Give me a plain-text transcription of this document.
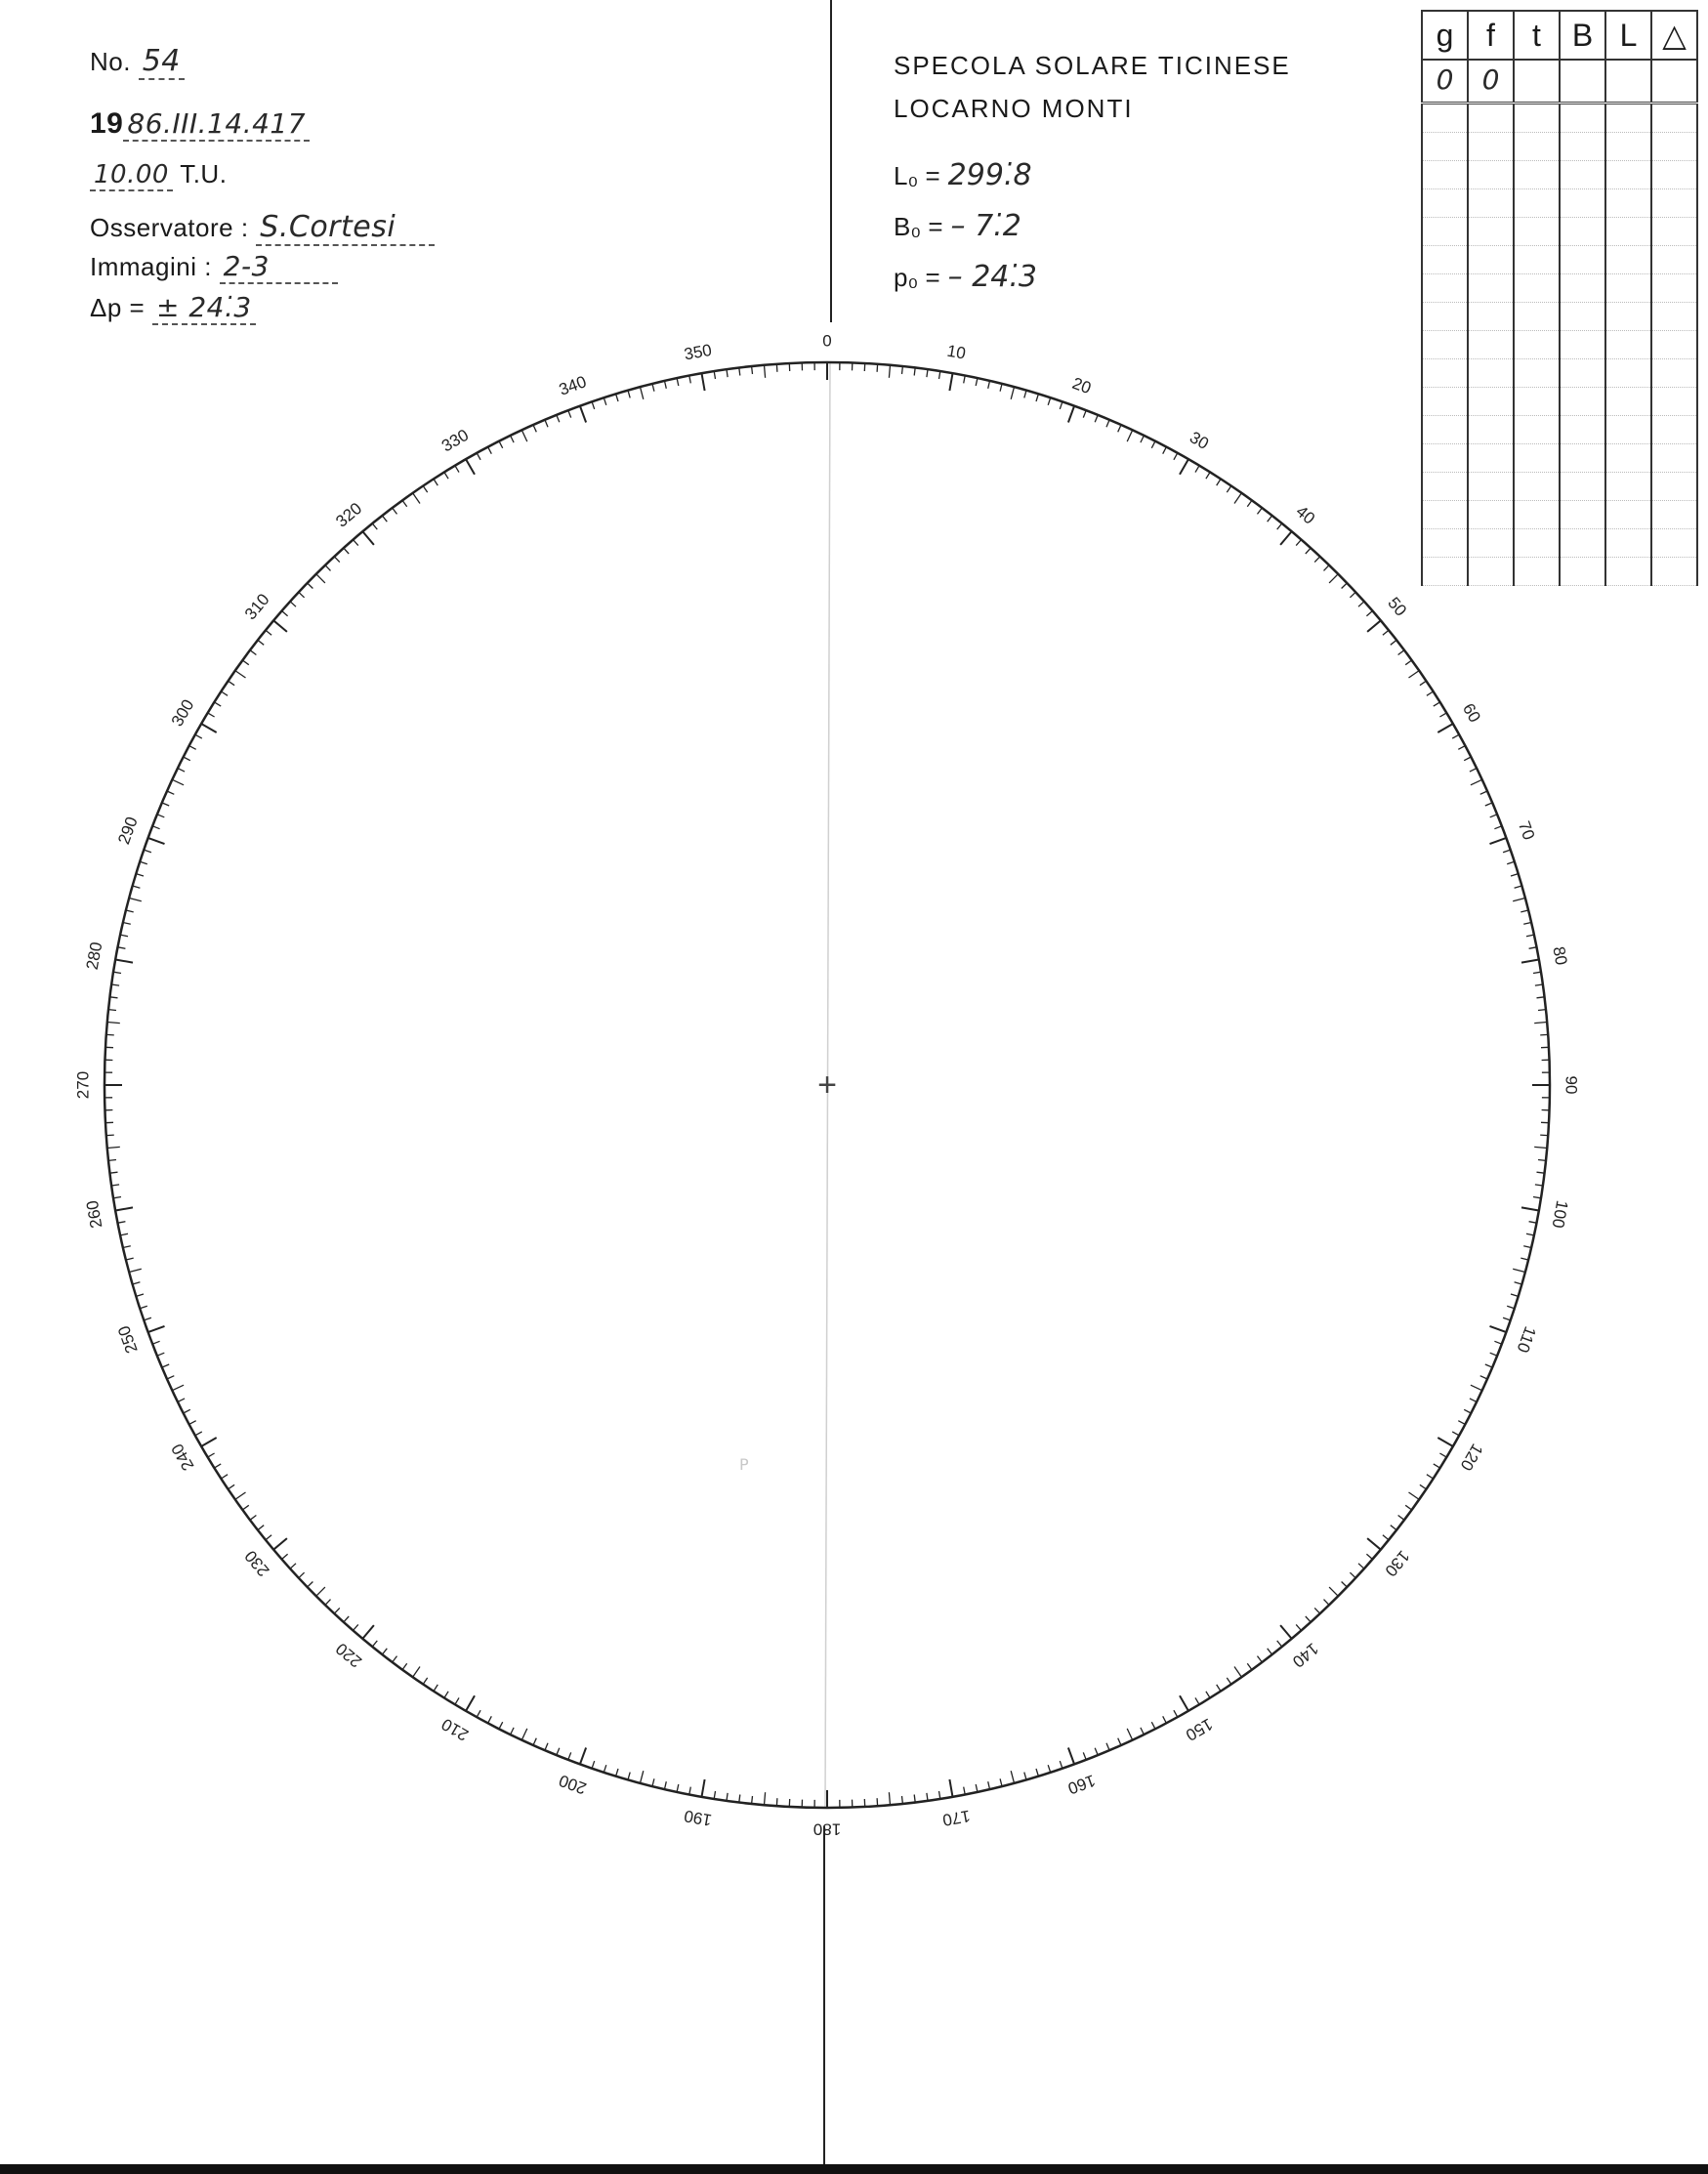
No. 54
19 86.III.14.417
10.00 T.U.
Osservatore : S.Cortesi
Immagini : 2-3
Δp = ± 24.̇3
SPECOLA SOLARE TICINESE
LOCARNO MONTI
L₀ = 299.̇8
B₀ = – 7.̇2
p₀ = – 24.̇3
g	f	t	B	L	△
0	0				

0
10
20
30
40
50
60
70
80
90
100
110
120
130
140
150
160
170
180
190
200
210
220
230
240
250
260
270
280
290
300
310
320
330
340
350
+
P
